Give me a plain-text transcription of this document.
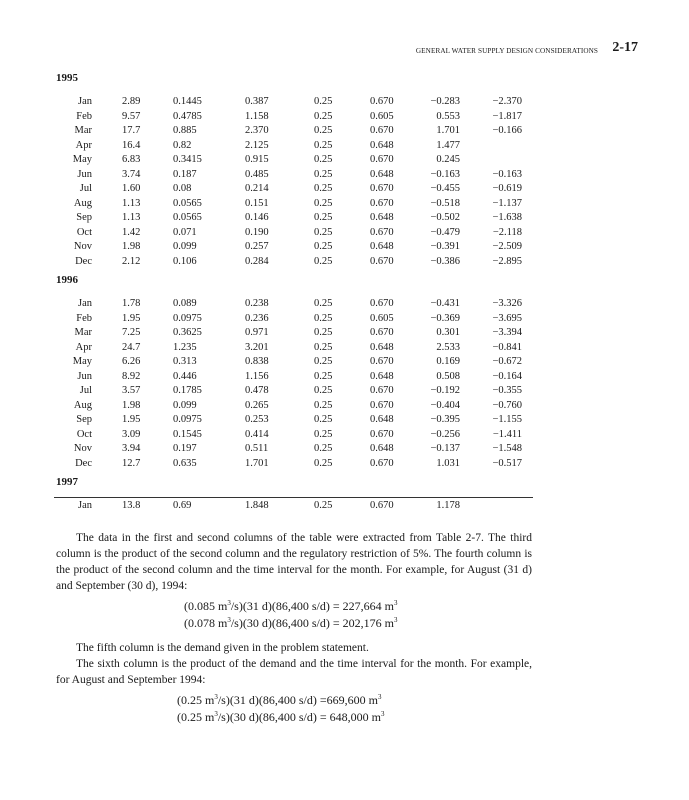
GENERAL WATER SUPPLY DESIGN CONSIDERATIONS 2-17
1995
Jan	2.89	0.1445	0.387	0.25	0.670	−0.283	−2.370
Feb	9.57	0.4785	1.158	0.25	0.605	0.553	−1.817
Mar	17.7	0.885	2.370	0.25	0.670	1.701	−0.166
Apr	16.4	0.82	2.125	0.25	0.648	1.477
May	6.83	0.3415	0.915	0.25	0.670	0.245
Jun	3.74	0.187	0.485	0.25	0.648	−0.163	−0.163
Jul	1.60	0.08	0.214	0.25	0.670	−0.455	−0.619
Aug	1.13	0.0565	0.151	0.25	0.670	−0.518	−1.137
Sep	1.13	0.0565	0.146	0.25	0.648	−0.502	−1.638
Oct	1.42	0.071	0.190	0.25	0.670	−0.479	−2.118
Nov	1.98	0.099	0.257	0.25	0.648	−0.391	−2.509
Dec	2.12	0.106	0.284	0.25	0.670	−0.386	−2.895
1996
Jan	1.78	0.089	0.238	0.25	0.670	−0.431	−3.326
Feb	1.95	0.0975	0.236	0.25	0.605	−0.369	−3.695
Mar	7.25	0.3625	0.971	0.25	0.670	0.301	−3.394
Apr	24.7	1.235	3.201	0.25	0.648	2.533	−0.841
May	6.26	0.313	0.838	0.25	0.670	0.169	−0.672
Jun	8.92	0.446	1.156	0.25	0.648	0.508	−0.164
Jul	3.57	0.1785	0.478	0.25	0.670	−0.192	−0.355
Aug	1.98	0.099	0.265	0.25	0.670	−0.404	−0.760
Sep	1.95	0.0975	0.253	0.25	0.648	−0.395	−1.155
Oct	3.09	0.1545	0.414	0.25	0.670	−0.256	−1.411
Nov	3.94	0.197	0.511	0.25	0.648	−0.137	−1.548
Dec	12.7	0.635	1.701	0.25	0.670	1.031	−0.517
1997
Jan	13.8	0.69	1.848	0.25	0.670	1.178

The data in the first and second columns of the table were extracted from Table 2-7. The third column is the product of the second column and the regulatory restriction of 5%. The fourth column is the product of the second column and the time interval for the month. For example, for August (31 d) and September (30 d), 1994:

(0.085 $m^3/s)(31$ d)(86,400 s/d) = 227,664 $m^3$
(0.078 $m^3/s)(30$ d)(86,400 s/d) = 202,176 $m^3$

The fifth column is the demand given in the problem statement.

The sixth column is the product of the demand and the time interval for the month. For example, for August and September 1994:

(0.25 $m^3/s)(31$ d)(86,400 s/d) =669,600 $m^3$
(0.25 $m^3/s)(30$ d)(86,400 s/d) = 648,000 $m^3$
